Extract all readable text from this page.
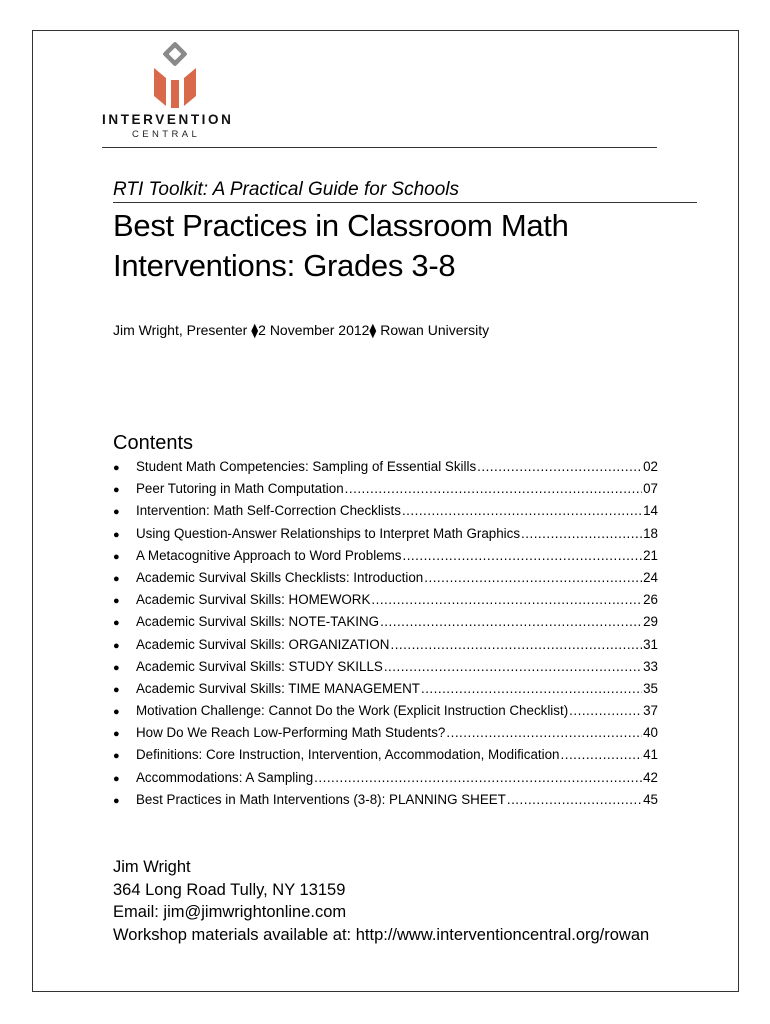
INTERVENTION
CENTRAL
RTI Toolkit: A Practical Guide for Schools
Best Practices in Classroom Math
Interventions: Grades 3-8
Jim Wright, Presenter ⧫2 November 2012⧫ Rowan University
Contents
●	Student Math Competencies: Sampling of Essential Skills .....	02
●	Peer Tutoring in Math Computation .....	07
●	Intervention: Math Self-Correction Checklists .....	14
●	Using Question-Answer Relationships to Interpret Math Graphics .....	18
●	A Metacognitive Approach to Word Problems .....	21
●	Academic Survival Skills Checklists: Introduction .....	24
●	Academic Survival Skills: HOMEWORK .....	26
●	Academic Survival Skills: NOTE-TAKING .....	29
●	Academic Survival Skills: ORGANIZATION .....	31
●	Academic Survival Skills: STUDY SKILLS .....	33
●	Academic Survival Skills: TIME MANAGEMENT .....	35
●	Motivation Challenge: Cannot Do the Work (Explicit Instruction Checklist) .....	37
●	How Do We Reach Low-Performing Math Students? .....	40
●	Definitions: Core Instruction, Intervention, Accommodation, Modification .....	41
●	Accommodations: A Sampling .....	42
●	Best Practices in Math Interventions (3-8): PLANNING SHEET .....	45
Jim Wright
364 Long Road Tully, NY 13159
Email: jim@jimwrightonline.com
Workshop materials available at: http://www.interventioncentral.org/rowan
